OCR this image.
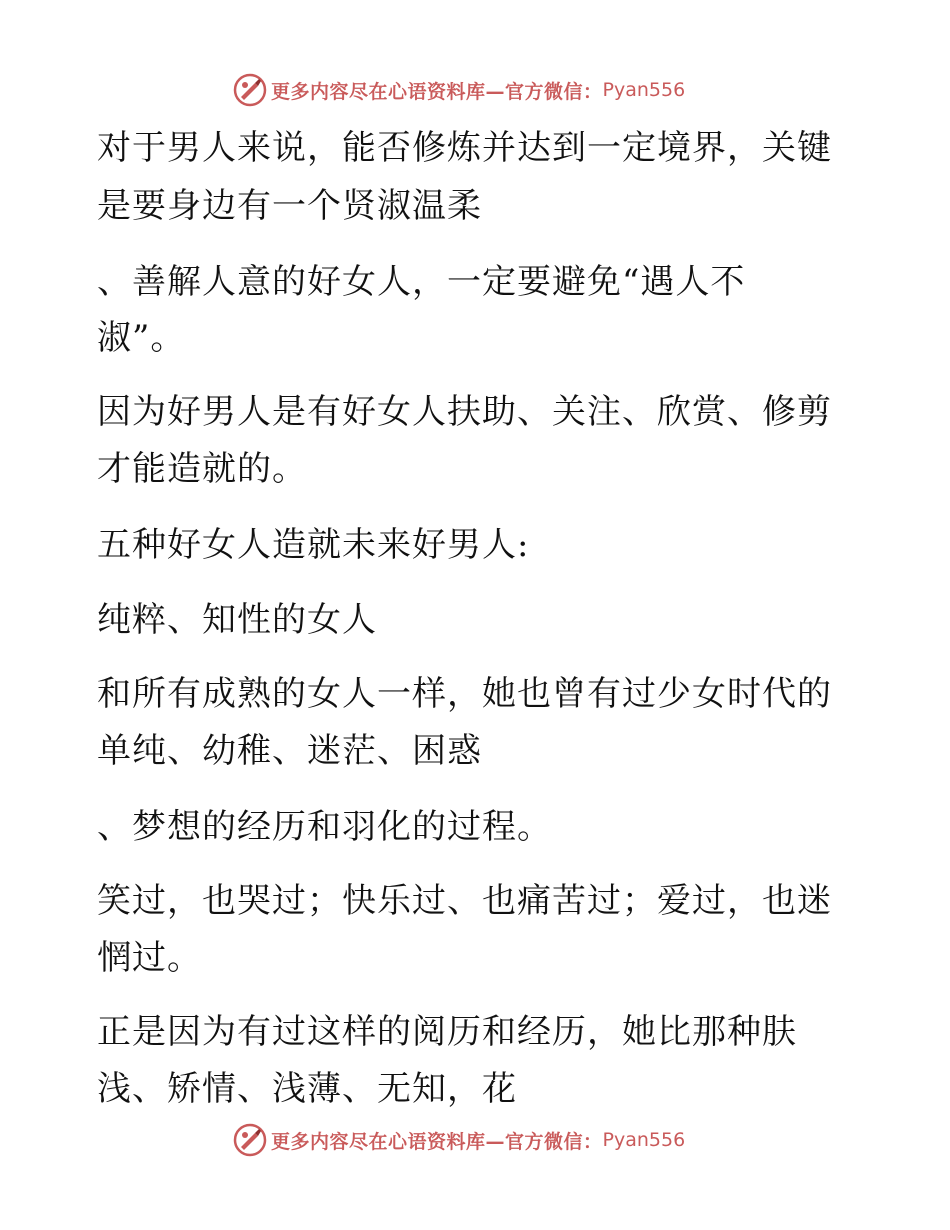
更多内容尽在心语资料库—官方微信： Pyan556
对于男人来说，能否修炼并达到一定境界，关键
是要身边有一个贤淑温柔
、善解人意的好女人，一定要避免“遇人不
淑”。
因为好男人是有好女人扶助、关注、欣赏、修剪
才能造就的。
五种好女人造就未来好男人:
纯粹、知性的女人
和所有成熟的女人一样，她也曾有过少女时代的
单纯、幼稚、迷茫、困惑
、梦想的经历和羽化的过程。
笑过，也哭过；快乐过、也痛苦过；爱过，也迷
惘过。
正是因为有过这样的阅历和经历，她比那种肤
浅、矫情、浅薄、无知，花
更多内容尽在心语资料库—官方微信： Pyan556
